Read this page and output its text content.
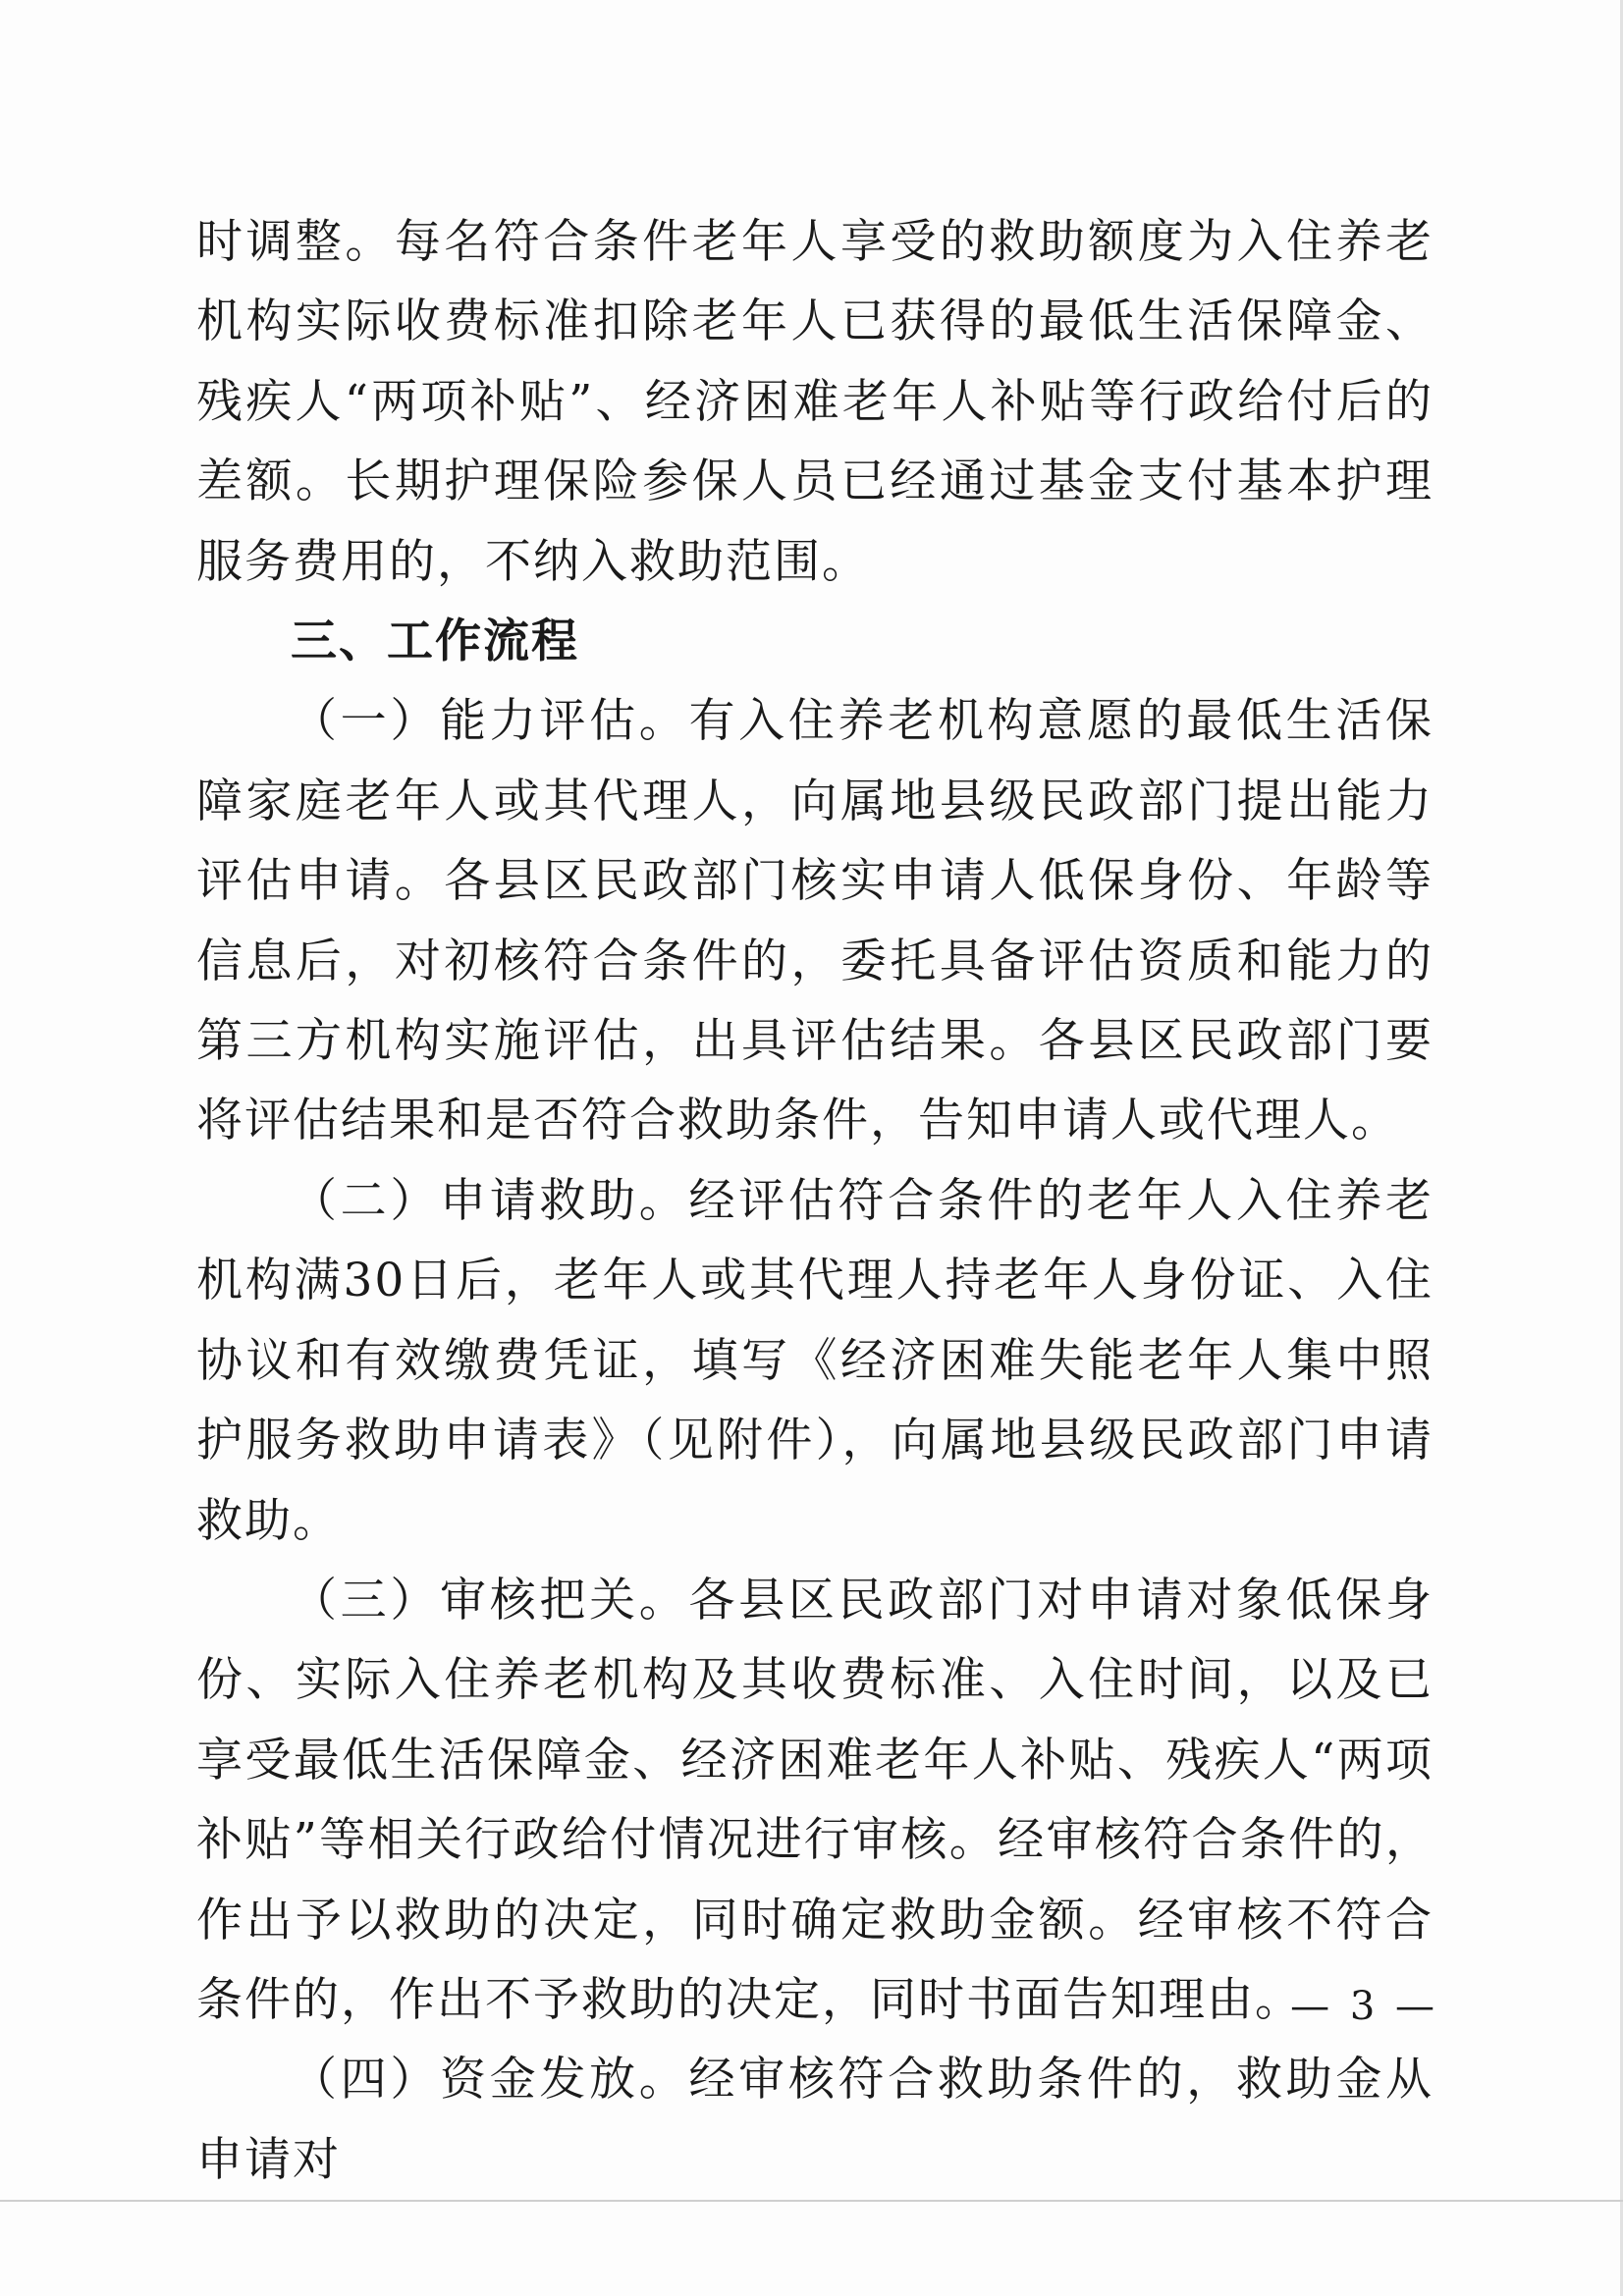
时调整。每名符合条件老年人享受的救助额度为入住养老机构实际收费标准扣除老年人已获得的最低生活保障金、残疾人“两项补贴”、经济困难老年人补贴等行政给付后的差额。长期护理保险参保人员已经通过基金支付基本护理服务费用的，不纳入救助范围。

三、工作流程

（一）能力评估。有入住养老机构意愿的最低生活保障家庭老年人或其代理人，向属地县级民政部门提出能力评估申请。各县区民政部门核实申请人低保身份、年龄等信息后，对初核符合条件的，委托具备评估资质和能力的第三方机构实施评估，出具评估结果。各县区民政部门要将评估结果和是否符合救助条件，告知申请人或代理人。

（二）申请救助。经评估符合条件的老年人入住养老机构满30日后，老年人或其代理人持老年人身份证、入住协议和有效缴费凭证，填写《经济困难失能老年人集中照护服务救助申请表》（见附件），向属地县级民政部门申请救助。

（三）审核把关。各县区民政部门对申请对象低保身份、实际入住养老机构及其收费标准、入住时间，以及已享受最低生活保障金、经济困难老年人补贴、残疾人“两项补贴”等相关行政给付情况进行审核。经审核符合条件的，作出予以救助的决定，同时确定救助金额。经审核不符合条件的，作出不予救助的决定，同时书面告知理由。

（四）资金发放。经审核符合救助条件的，救助金从申请对

— 3 —
